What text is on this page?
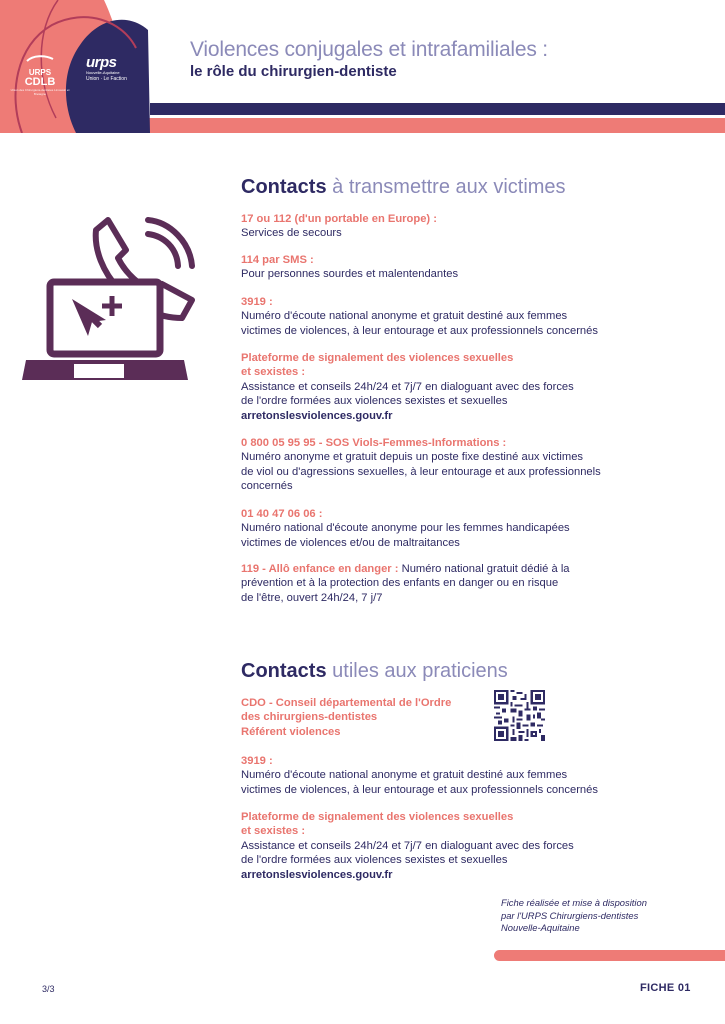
URPS
CDLB
Union des Chirurgiens-dentistes Limousin et Bretagne
urps
Nouvelle-Aquitaine
Union · Le Faction
Violences conjugales et intrafamiliales :
le rôle du chirurgien-dentiste
Contacts à transmettre aux victimes
17 ou 112 (d'un portable en Europe) :
Services de secours
114 par SMS :
Pour personnes sourdes et malentendantes
3919 :
Numéro d'écoute national anonyme et gratuit destiné aux femmes
victimes de violences, à leur entourage et aux professionnels concernés
Plateforme de signalement des violences sexuelles
et sexistes :
Assistance et conseils 24h/24 et 7j/7 en dialoguant avec des forces
de l'ordre formées aux violences sexistes et sexuelles
arretonslesviolences.gouv.fr
0 800 05 95 95 - SOS Viols-Femmes-Informations :
Numéro anonyme et gratuit depuis un poste fixe destiné aux victimes
de viol ou d'agressions sexuelles, à leur entourage et aux professionnels
concernés
01 40 47 06 06 :
Numéro national d'écoute anonyme pour les femmes handicapées
victimes de violences et/ou de maltraitances
119 - Allô enfance en danger : Numéro national gratuit dédié à la
prévention et à la protection des enfants en danger ou en risque
de l'être, ouvert 24h/24, 7 j/7
Contacts utiles aux praticiens
CDO - Conseil départemental de l'Ordre
des chirurgiens-dentistes
Référent violences
3919 :
Numéro d'écoute national anonyme et gratuit destiné aux femmes
victimes de violences, à leur entourage et aux professionnels concernés
Plateforme de signalement des violences sexuelles
et sexistes :
Assistance et conseils 24h/24 et 7j/7 en dialoguant avec des forces
de l'ordre formées aux violences sexistes et sexuelles
arretonslesviolences.gouv.fr
Fiche réalisée et mise à disposition
par l'URPS Chirurgiens-dentistes
Nouvelle-Aquitaine
3/3	FICHE 01
